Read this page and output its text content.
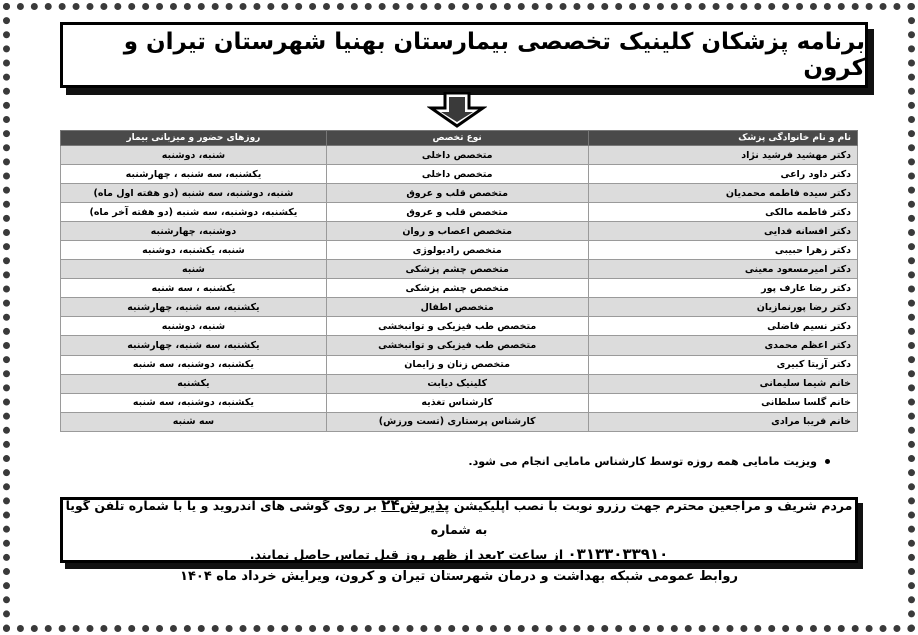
برنامه پزشکان کلینیک تخصصی بیمارستان بهنیا شهرستان تیران و کرون
نام و نام خانوادگی پزشک	نوع تخصص	روزهای حضور و میزبانی بیمار
دکتر مهشید فرشید نژاد	متخصص داخلی	شنبه، دوشنبه
دکتر داود راعی	متخصص داخلی	یکشنبه، سه شنبه ، چهارشنبه
دکتر سیده فاطمه محمدیان	متخصص قلب و عروق	شنبه، دوشنبه، سه شنبه (دو هفته اول ماه)
دکتر فاطمه مالکی	متخصص قلب و عروق	یکشنبه، دوشنبه، سه شنبه (دو هفته آخر ماه)
دکتر افسانه فدایی	متخصص اعصاب و روان	دوشنبه، چهارشنبه
دکتر زهرا حبیبی	متخصص رادیولوژی	شنبه، یکشنبه، دوشنبه
دکتر امیرمسعود معینی	متخصص چشم پزشکی	شنبه
دکتر رضا عارف پور	متخصص چشم پزشکی	یکشنبه ، سه شنبه
دکتر رضا پورنمازیان	متخصص اطفال	یکشنبه، سه شنبه، چهارشنبه
دکتر نسیم فاضلی	متخصص طب فیزیکی و توانبخشی	شنبه، دوشنبه
دکتر اعظم محمدی	متخصص طب فیزیکی و توانبخشی	یکشنبه، سه شنبه، چهارشنبه
دکتر آزیتا کبیری	متخصص زنان و زایمان	یکشنبه، دوشنبه، سه شنبه
خانم شیما سلیمانی	کلینیک دیابت	یکشنبه
خانم گلسا سلطانی	کارشناس تغذیه	یکشنبه، دوشنبه، سه شنبه
خانم فریبا مرادی	کارشناس پرستاری (تست ورزش)	سه شنبه
ویزیت مامایی همه روزه توسط کارشناس مامایی انجام می شود.
مردم شریف و مراجعین محترم جهت رزرو نوبت با نصب اپلیکیشن پذیرش۲۴ بر روی گوشی های اندروید و یا با شماره تلفن گویا به شماره
۰۳۱۳۳۰۳۳۹۱۰ از ساعت ۲بعد از ظهر روز قبل تماس حاصل نمایند.
روابط عمومی شبکه بهداشت و درمان شهرستان تیران و کرون، ویرایش خرداد ماه ۱۴۰۴
